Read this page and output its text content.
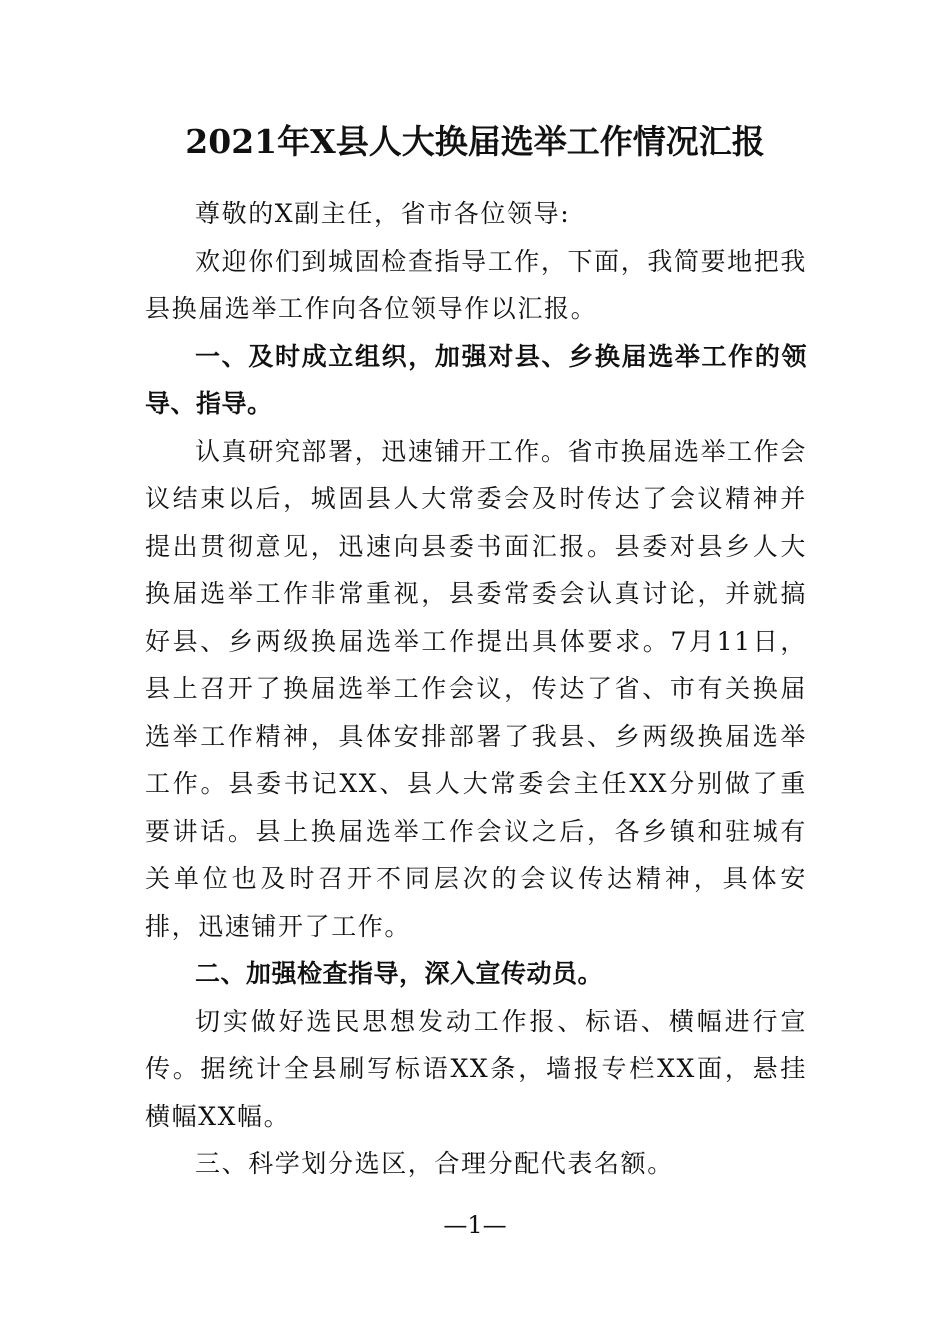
2021年X县人大换届选举工作情况汇报

尊敬的X副主任，省市各位领导:

欢迎你们到城固检查指导工作，下面，我简要地把我县换届选举工作向各位领导作以汇报。

一、及时成立组织，加强对县、乡换届选举工作的领导、指导。

认真研究部署，迅速铺开工作。省市换届选举工作会议结束以后，城固县人大常委会及时传达了会议精神并提出贯彻意见，迅速向县委书面汇报。县委对县乡人大换届选举工作非常重视，县委常委会认真讨论，并就搞好县、乡两级换届选举工作提出具体要求。7月11日，县上召开了换届选举工作会议，传达了省、市有关换届选举工作精神，具体安排部署了我县、乡两级换届选举工作。县委书记XX、县人大常委会主任XX分别做了重要讲话。县上换届选举工作会议之后，各乡镇和驻城有关单位也及时召开不同层次的会议传达精神，具体安排，迅速铺开了工作。

二、加强检查指导，深入宣传动员。

切实做好选民思想发动工作报、标语、横幅进行宣传。据统计全县刷写标语XX条，墙报专栏XX面，悬挂横幅XX幅。

三、科学划分选区，合理分配代表名额。

—1—
